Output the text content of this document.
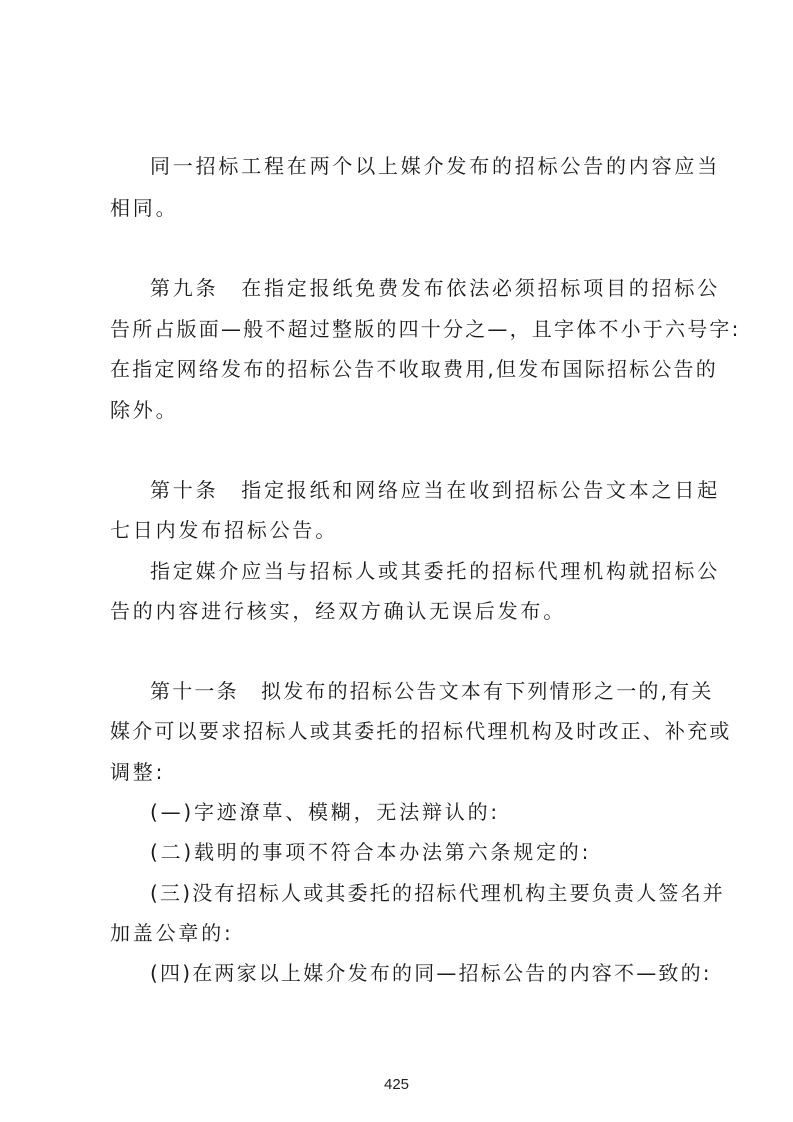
同一招标工程在两个以上媒介发布的招标公告的内容应当
相同。
第九条　在指定报纸免费发布依法必须招标项目的招标公
告所占版面—般不超过整版的四十分之—，且字体不小于六号字:
在指定网络发布的招标公告不收取费用,但发布国际招标公告的
除外。
第十条　指定报纸和网络应当在收到招标公告文本之日起
七日内发布招标公告。
指定媒介应当与招标人或其委托的招标代理机构就招标公
告的内容进行核实，经双方确认无误后发布。
第十一条　拟发布的招标公告文本有下列情形之一的,有关
媒介可以要求招标人或其委托的招标代理机构及时改正、补充或
调整:
(—)字迹潦草、模糊，无法辩认的:
(二)载明的事项不符合本办法第六条规定的:
(三)没有招标人或其委托的招标代理机构主要负责人签名并
加盖公章的:
(四)在两家以上媒介发布的同—招标公告的内容不—致的:
425
